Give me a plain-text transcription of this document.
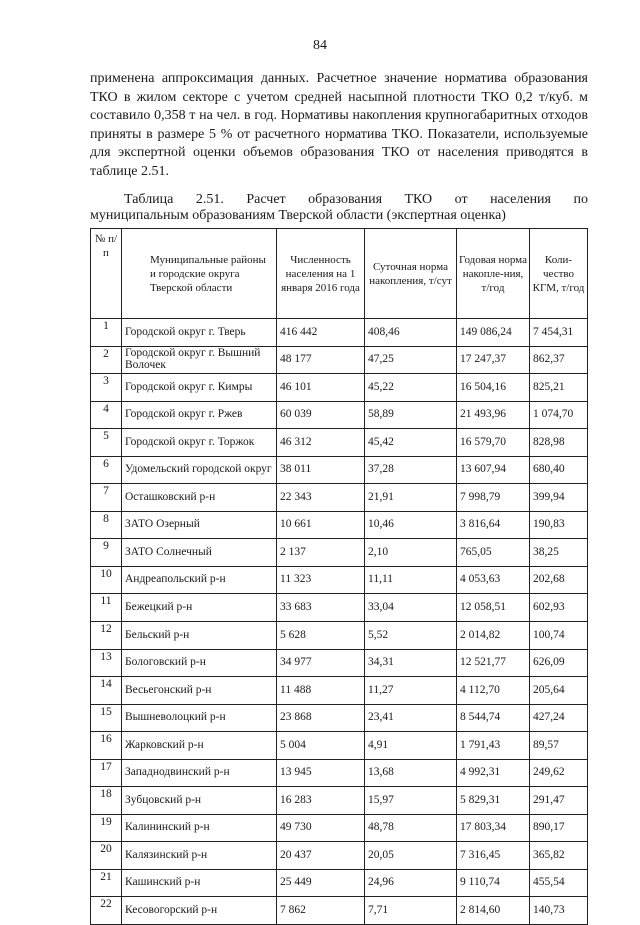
84
применена аппроксимация данных. Расчетное значение норматива образования ТКО в жилом секторе с учетом средней насыпной плотности ТКО 0,2 т/куб. м составило 0,358 т на чел. в год. Нормативы накопления крупногабаритных отходов приняты в размере 5 % от расчетного норматива ТКО. Показатели, используемые для экспертной оценки объемов образования ТКО от населения приводятся в таблице 2.51.
Таблица 2.51. Расчет образования ТКО от населения по
муниципальным образованиям Тверской области (экспертная оценка)
№ п/п	Муниципальные районы и городские округа Тверской области	Численность населения на 1 января 2016 года	Суточная норма накопления, т/сут	Годовая норма накопле-ния, т/год	Коли-чество КГМ, т/год
1	Городской округ г. Тверь	416 442	408,46	149 086,24	7 454,31
2	Городской округ г. Вышний Волочек	48 177	47,25	17 247,37	862,37
3	Городской округ г. Кимры	46 101	45,22	16 504,16	825,21
4	Городской округ г. Ржев	60 039	58,89	21 493,96	1 074,70
5	Городской округ г. Торжок	46 312	45,42	16 579,70	828,98
6	Удомельский городской округ	38 011	37,28	13 607,94	680,40
7	Осташковский р-н	22 343	21,91	7 998,79	399,94
8	ЗАТО Озерный	10 661	10,46	3 816,64	190,83
9	ЗАТО Солнечный	2 137	2,10	765,05	38,25
10	Андреапольский р-н	11 323	11,11	4 053,63	202,68
11	Бежецкий р-н	33 683	33,04	12 058,51	602,93
12	Бельский р-н	5 628	5,52	2 014,82	100,74
13	Бологовский р-н	34 977	34,31	12 521,77	626,09
14	Весьегонский р-н	11 488	11,27	4 112,70	205,64
15	Вышневолоцкий р-н	23 868	23,41	8 544,74	427,24
16	Жарковский р-н	5 004	4,91	1 791,43	89,57
17	Западнодвинский р-н	13 945	13,68	4 992,31	249,62
18	Зубцовский р-н	16 283	15,97	5 829,31	291,47
19	Калининский р-н	49 730	48,78	17 803,34	890,17
20	Калязинский р-н	20 437	20,05	7 316,45	365,82
21	Кашинский р-н	25 449	24,96	9 110,74	455,54
22	Кесовогорский р-н	7 862	7,71	2 814,60	140,73
